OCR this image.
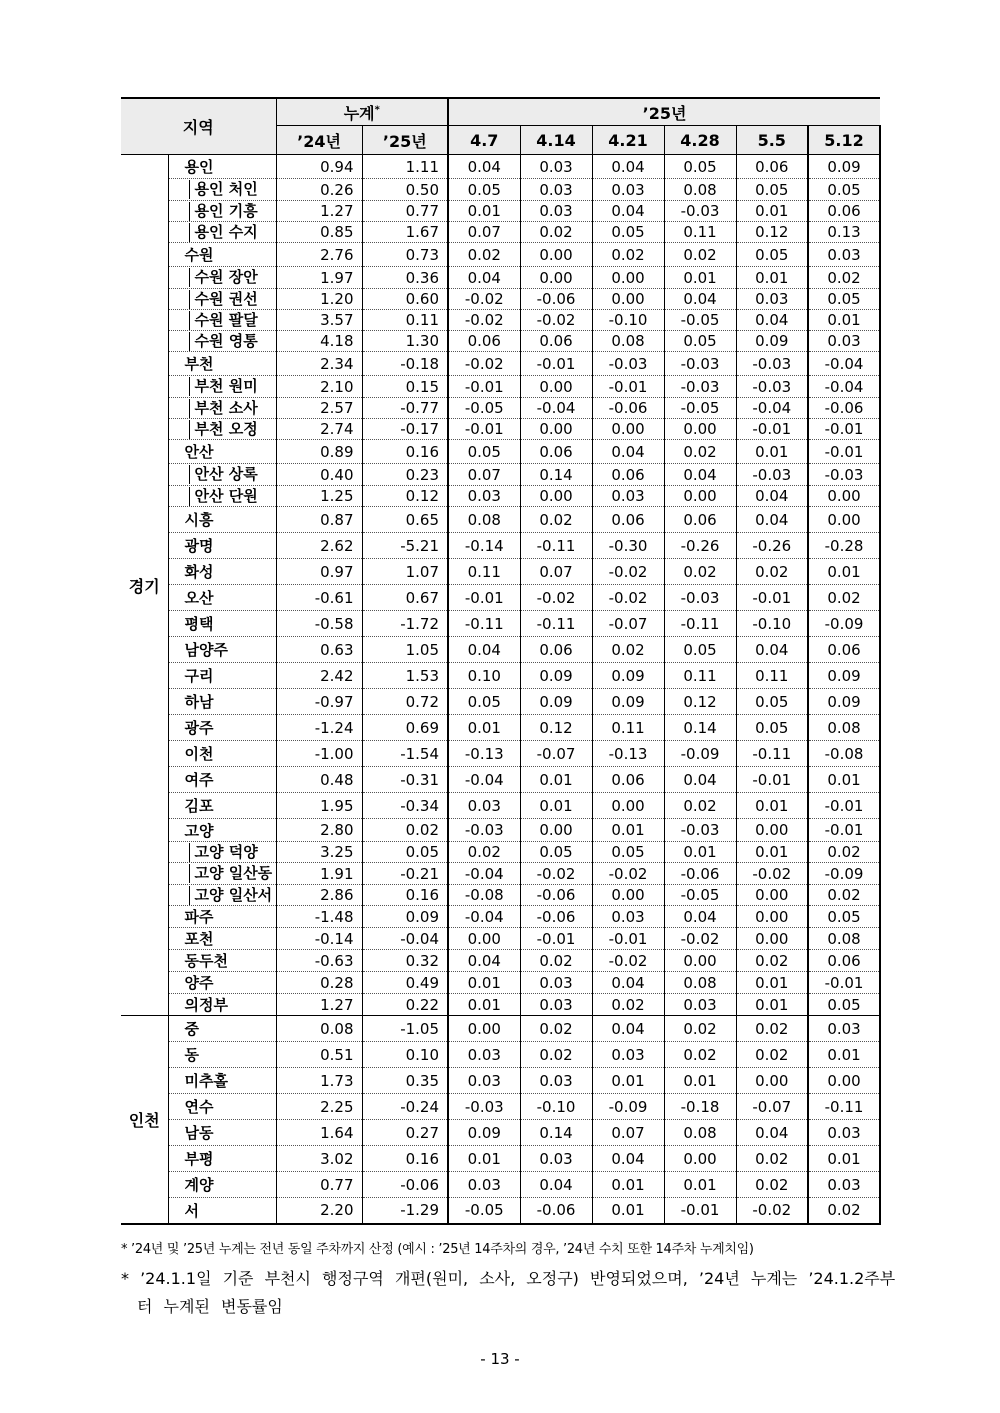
지역		누계*		’25년					
		’24년	’25년	4.7	4.14	4.21	4.28	5.5	5.12
경기	용인	0.94	1.11	0.04	0.03	0.04	0.05	0.06	0.09
	용인 처인	0.26	0.50	0.05	0.03	0.03	0.08	0.05	0.05
	용인 기흥	1.27	0.77	0.01	0.03	0.04	-0.03	0.01	0.06
	용인 수지	0.85	1.67	0.07	0.02	0.05	0.11	0.12	0.13
	수원	2.76	0.73	0.02	0.00	0.02	0.02	0.05	0.03
	수원 장안	1.97	0.36	0.04	0.00	0.00	0.01	0.01	0.02
	수원 권선	1.20	0.60	-0.02	-0.06	0.00	0.04	0.03	0.05
	수원 팔달	3.57	0.11	-0.02	-0.02	-0.10	-0.05	0.04	0.01
	수원 영통	4.18	1.30	0.06	0.06	0.08	0.05	0.09	0.03
	부천	2.34	-0.18	-0.02	-0.01	-0.03	-0.03	-0.03	-0.04
	부천 원미	2.10	0.15	-0.01	0.00	-0.01	-0.03	-0.03	-0.04
	부천 소사	2.57	-0.77	-0.05	-0.04	-0.06	-0.05	-0.04	-0.06
	부천 오정	2.74	-0.17	-0.01	0.00	0.00	0.00	-0.01	-0.01
	안산	0.89	0.16	0.05	0.06	0.04	0.02	0.01	-0.01
	안산 상록	0.40	0.23	0.07	0.14	0.06	0.04	-0.03	-0.03
	안산 단원	1.25	0.12	0.03	0.00	0.03	0.00	0.04	0.00
	시흥	0.87	0.65	0.08	0.02	0.06	0.06	0.04	0.00
	광명	2.62	-5.21	-0.14	-0.11	-0.30	-0.26	-0.26	-0.28
	화성	0.97	1.07	0.11	0.07	-0.02	0.02	0.02	0.01
	오산	-0.61	0.67	-0.01	-0.02	-0.02	-0.03	-0.01	0.02
	평택	-0.58	-1.72	-0.11	-0.11	-0.07	-0.11	-0.10	-0.09
	남양주	0.63	1.05	0.04	0.06	0.02	0.05	0.04	0.06
	구리	2.42	1.53	0.10	0.09	0.09	0.11	0.11	0.09
	하남	-0.97	0.72	0.05	0.09	0.09	0.12	0.05	0.09
	광주	-1.24	0.69	0.01	0.12	0.11	0.14	0.05	0.08
	이천	-1.00	-1.54	-0.13	-0.07	-0.13	-0.09	-0.11	-0.08
	여주	0.48	-0.31	-0.04	0.01	0.06	0.04	-0.01	0.01
	김포	1.95	-0.34	0.03	0.01	0.00	0.02	0.01	-0.01
	고양	2.80	0.02	-0.03	0.00	0.01	-0.03	0.00	-0.01
	고양 덕양	3.25	0.05	0.02	0.05	0.05	0.01	0.01	0.02
	고양 일산동	1.91	-0.21	-0.04	-0.02	-0.02	-0.06	-0.02	-0.09
	고양 일산서	2.86	0.16	-0.08	-0.06	0.00	-0.05	0.00	0.02
	파주	-1.48	0.09	-0.04	-0.06	0.03	0.04	0.00	0.05
	포천	-0.14	-0.04	0.00	-0.01	-0.01	-0.02	0.00	0.08
	동두천	-0.63	0.32	0.04	0.02	-0.02	0.00	0.02	0.06
	양주	0.28	0.49	0.01	0.03	0.04	0.08	0.01	-0.01
	의정부	1.27	0.22	0.01	0.03	0.02	0.03	0.01	0.05
인천	중	0.08	-1.05	0.00	0.02	0.04	0.02	0.02	0.03
	동	0.51	0.10	0.03	0.02	0.03	0.02	0.02	0.01
	미추홀	1.73	0.35	0.03	0.03	0.01	0.01	0.00	0.00
	연수	2.25	-0.24	-0.03	-0.10	-0.09	-0.18	-0.07	-0.11
	남동	1.64	0.27	0.09	0.14	0.07	0.08	0.04	0.03
	부평	3.02	0.16	0.01	0.03	0.04	0.00	0.02	0.01
	계양	0.77	-0.06	0.03	0.04	0.01	0.01	0.02	0.03
	서	2.20	-1.29	-0.05	-0.06	0.01	-0.01	-0.02	0.02
* ’24년 및 ’25년 누계는 전년 동일 주차까지 산정 (예시 : ’25년 14주차의 경우, ’24년 수치 또한 14주차 누계치임)
* ’24.1.1일 기준 부천시 행정구역 개편(원미, 소사, 오정구) 반영되었으며, ’24년 누계는 ’24.1.2주부터 누계된 변동률임
- 13 -
